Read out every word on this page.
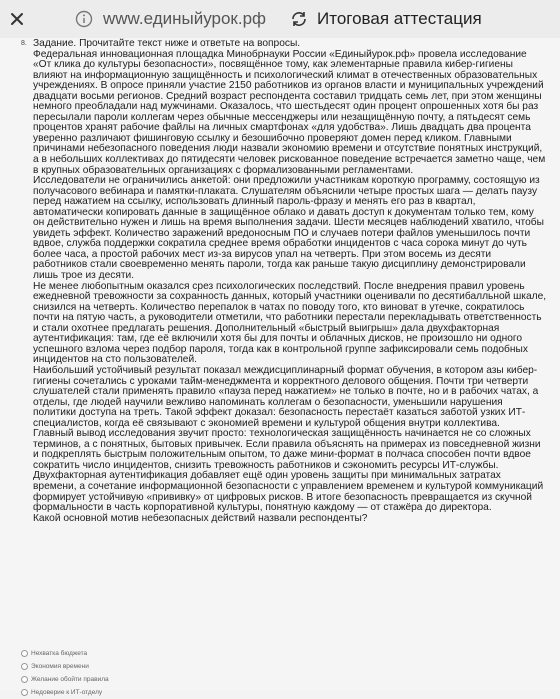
www.единыйурок.рф	Итоговая аттестация
8. Задание. Прочитайте текст ниже и ответьте на вопросы.

Федеральная инновационная площадка Минобрнауки России «Единыйурок.рф» провела исследование «От клика до культуры безопасности», посвящённое тому, как элементарные правила кибер-гигиены влияют на информационную защищённость и психологический климат в отечественных образовательных учреждениях. В опросе приняли участие 2150 работников из органов власти и муниципальных учреждений двадцати восьми регионов. Средний возраст респондента составил тридцать семь лет, при этом женщины немного преобладали над мужчинами. Оказалось, что шестьдесят один процент опрошенных хотя бы раз пересылали пароли коллегам через обычные мессенджеры или незащищённую почту, а пятьдесят семь процентов хранят рабочие файлы на личных смартфонах «для удобства». Лишь двадцать два процента уверенно различают фишинговую ссылку и безошибочно проверяют домен перед кликом. Главными причинами небезопасного поведения люди назвали экономию времени и отсутствие понятных инструкций, а в небольших коллективах до пятидесяти человек рискованное поведение встречается заметно чаще, чем в крупных образовательных организациях с формализованными регламентами.

Исследователи не ограничились анкетой: они предложили участникам короткую программу, состоящую из получасового вебинара и памятки-плаката. Слушателям объяснили четыре простых шага — делать паузу перед нажатием на ссылку, использовать длинный пароль-фразу и менять его раз в квартал, автоматически копировать данные в защищённое облако и давать доступ к документам только тем, кому он действительно нужен и лишь на время выполнения задачи. Шести месяцев наблюдений хватило, чтобы увидеть эффект. Количество заражений вредоносным ПО и случаев потери файлов уменьшилось почти вдвое, служба поддержки сократила среднее время обработки инцидентов с часа сорока минут до чуть более часа, а простой рабочих мест из-за вирусов упал на четверть. При этом восемь из десяти работников стали своевременно менять пароли, тогда как раньше такую дисциплину демонстрировали лишь трое из десяти.

Не менее любопытным оказался срез психологических последствий. После внедрения правил уровень ежедневной тревожности за сохранность данных, который участники оценивали по десятибалльной шкале, снизился на четверть. Количество перепалок в чатах по поводу того, кто виноват в утечке, сократилось почти на пятую часть, а руководители отметили, что работники перестали перекладывать ответственность и стали охотнее предлагать решения. Дополнительный «быстрый выигрыш» дала двухфакторная аутентификация: там, где её включили хотя бы для почты и облачных дисков, не произошло ни одного успешного взлома через подбор пароля, тогда как в контрольной группе зафиксировали семь подобных инцидентов на сто пользователей.

Наибольший устойчивый результат показал междисциплинарный формат обучения, в котором азы кибер-гигиены сочетались с уроками тайм-менеджмента и корректного делового общения. Почти три четверти слушателей стали применять правило «пауза перед нажатием» не только в почте, но и в рабочих чатах, а отделы, где людей научили вежливо напоминать коллегам о безопасности, уменьшили нарушения политики доступа на треть. Такой эффект доказал: безопасность перестаёт казаться заботой узких ИТ-специалистов, когда её связывают с экономией времени и культурой общения внутри коллектива.

Главный вывод исследования звучит просто: технологическая защищённость начинается не со сложных терминов, а с понятных, бытовых привычек. Если правила объяснять на примерах из повседневной жизни и подкреплять быстрым положительным опытом, то даже мини-формат в полчаса способен почти вдвое сократить число инцидентов, снизить тревожность работников и сэкономить ресурсы ИТ-службы. Двухфакторная аутентификация добавляет ещё один уровень защиты при минимальных затратах времени, а сочетание информационной безопасности с управлением временем и культурой коммуникаций формирует устойчивую «прививку» от цифровых рисков. В итоге безопасность превращается из скучной формальности в часть корпоративной культуры, понятную каждому — от стажёра до директора.

Какой основной мотив небезопасных действий назвали респонденты?

Нехватка бюджета
Экономия времени
Желание обойти правила
Недоверие к ИТ-отделу
